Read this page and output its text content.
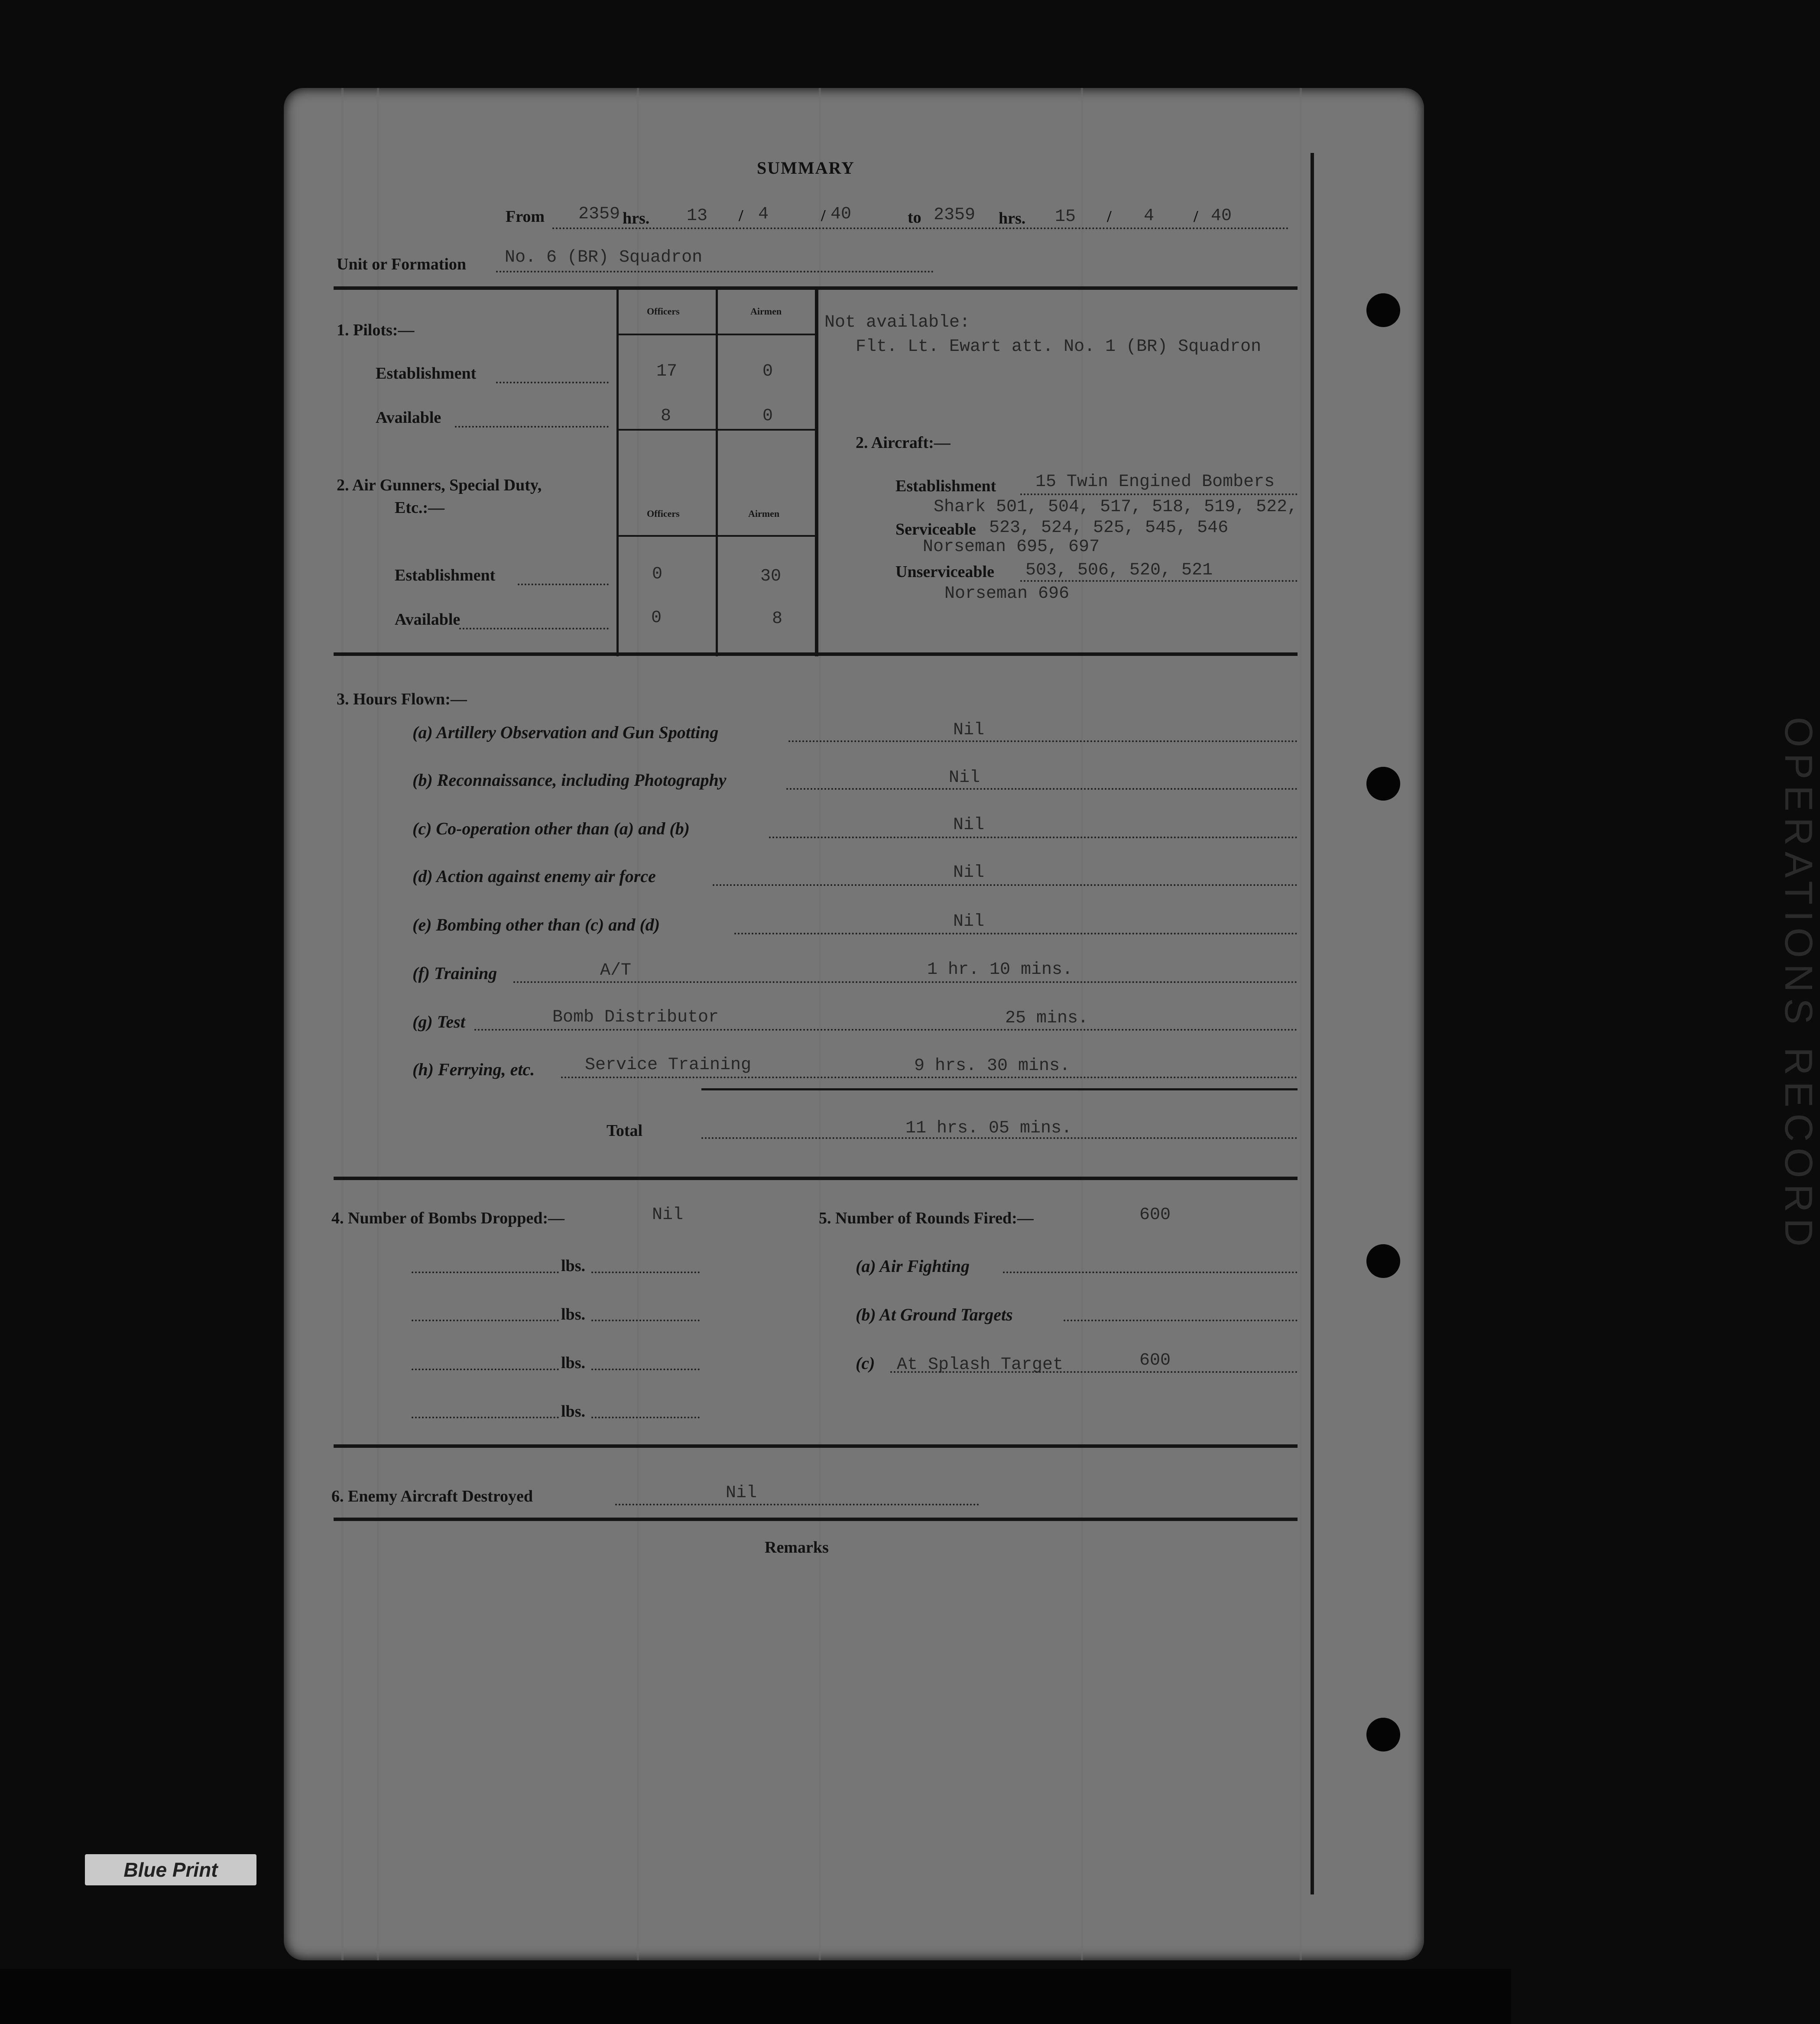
OPERATIONS RECORD
SUMMARY
From 2359 hrs. 13 / 4	/ 40	to 2359 hrs. 15 / 4 / 40
Unit or Formation No. 6 (BR) Squadron
1. Pilots:—
Officers	Airmen
Establishment	17	0
Available	8	0
Not available:
Flt. Lt. Ewart att. No. 1 (BR) Squadron
2. Air Gunners, Special Duty,
Etc.:—	Officers	Airmen
Establishment	0	30
Available	0	8
2. Aircraft:—
Establishment 15 Twin Engined Bombers
Shark 501, 504, 517, 518, 519, 522,
Serviceable 523, 524, 525, 545, 546
Norseman 695, 697
Unserviceable 503, 506, 520, 521
Norseman 696
3. Hours Flown:—
(a) Artillery Observation and Gun Spotting	Nil
(b) Reconnaissance, including Photography	Nil
(c) Co-operation other than (a) and (b)	Nil
(d) Action against enemy air force	Nil
(e) Bombing other than (c) and (d)	Nil
(f) Training	A/T	1 hr. 10 mins.
(g) Test	Bomb Distributor	25 mins.
(h) Ferrying, etc.	Service Training	9 hrs. 30 mins.
Total	11 hrs. 05 mins.
4. Number of Bombs Dropped:—	Nil
lbs.
lbs.
lbs.
lbs.
5. Number of Rounds Fired:—	600
(a) Air Fighting
(b) At Ground Targets
(c) At Splash Target	600
6. Enemy Aircraft Destroyed	Nil
Remarks
Blue Print
